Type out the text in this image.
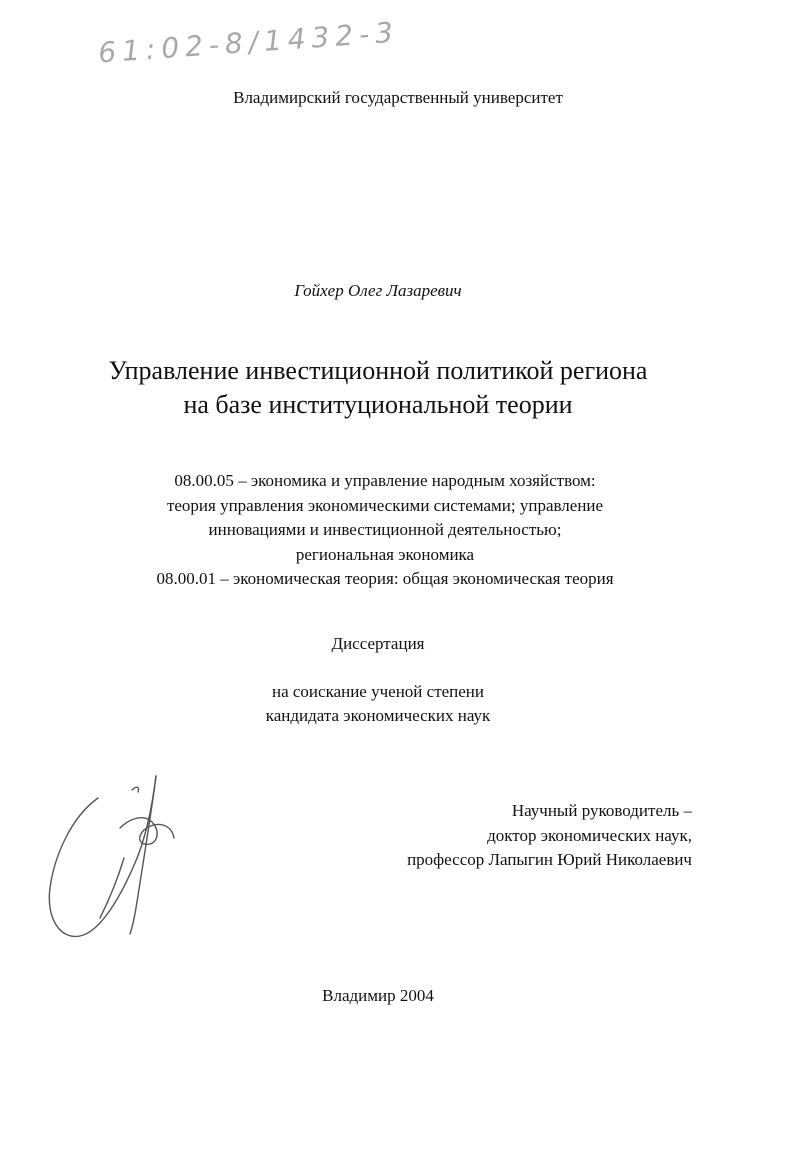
61:02-8/1432-3
Владимирский государственный университет
Гойхер Олег Лазаревич
Управление инвестиционной политикой региона
на базе институциональной теории
08.00.05 – экономика и управление народным хозяйством:
теория управления экономическими системами; управление
инновациями и инвестиционной деятельностью;
региональная экономика
08.00.01 – экономическая теория: общая экономическая теория
Диссертация
на соискание ученой степени
кандидата экономических наук
Научный руководитель –
доктор экономических наук,
профессор Лапыгин Юрий Николаевич
Владимир 2004
